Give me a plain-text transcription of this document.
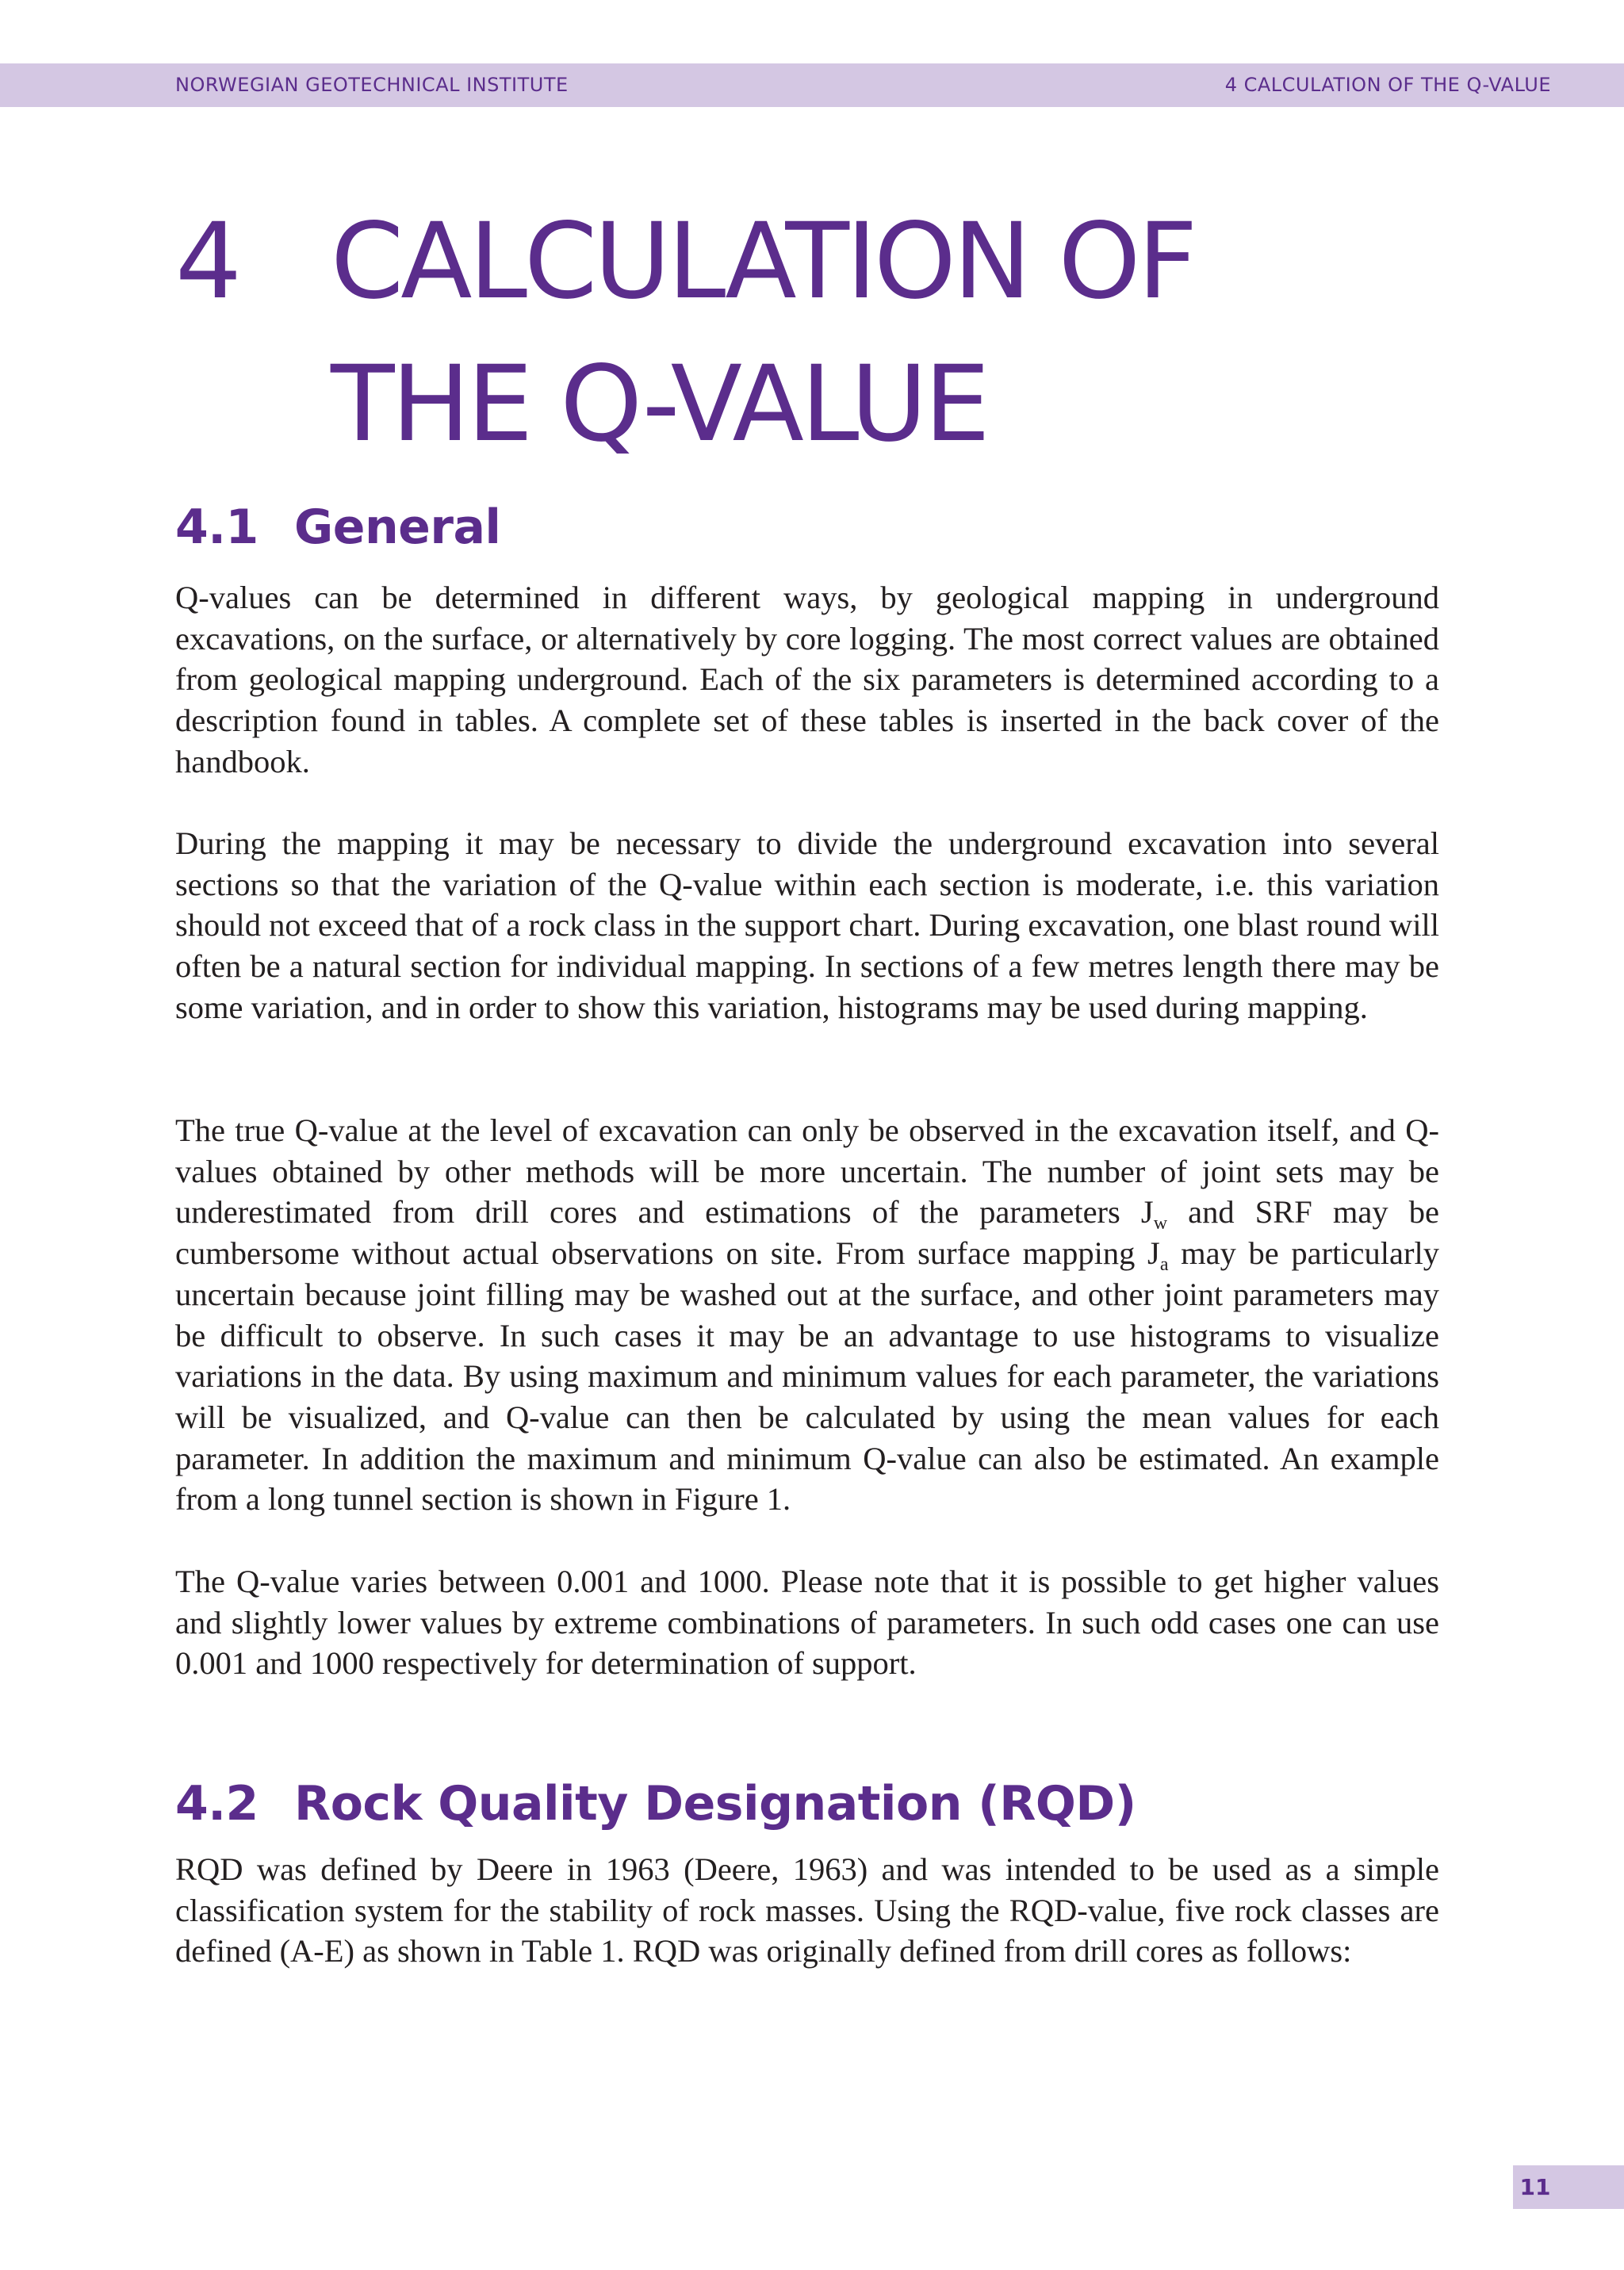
NORWEGIAN GEOTECHNICAL INSTITUTE	4 CALCULATION OF THE Q-VALUE
4 CALCULATION OF THE Q-VALUE
4.1 General

Q-values can be determined in different ways, by geological mapping in underground excavations, on the surface, or alternatively by core logging. The most correct values are obtained from geological mapping underground. Each of the six parameters is determined according to a description found in tables. A complete set of these tables is inserted in the back cover of the handbook.

During the mapping it may be necessary to divide the underground excavation into several sections so that the variation of the Q-value within each section is moderate, i.e. this variation should not exceed that of a rock class in the support chart. During excavation, one blast round will often be a natural section for individual mapping. In sections of a few metres length there may be some variation, and in order to show this variation, histograms may be used during mapping.

The true Q-value at the level of excavation can only be observed in the excavation itself, and Q-values obtained by other methods will be more uncertain. The number of joint sets may be underestimated from drill cores and estimations of the parameters $J_w$ and SRF may be cumbersome without actual observations on site. From surface mapping $J_a$ may be particularly uncertain because joint filling may be washed out at the surface, and other joint parameters may be difficult to observe. In such cases it may be an advantage to use histograms to visualize variations in the data. By using maximum and minimum values for each parameter, the variations will be visualized, and Q-value can then be calculated by using the mean values for each parameter. In addition the maximum and minimum Q-value can also be estimated. An example from a long tunnel section is shown in Figure 1.

The Q-value varies between 0.001 and 1000. Please note that it is possible to get higher values and slightly lower values by extreme combinations of parameters. In such odd cases one can use 0.001 and 1000 respectively for determination of support.

4.2 Rock Quality Designation (RQD)

RQD was defined by Deere in 1963 (Deere, 1963) and was intended to be used as a simple classification system for the stability of rock masses. Using the RQD-value, five rock classes are defined (A-E) as shown in Table 1. RQD was originally defined from drill cores as follows:

11
